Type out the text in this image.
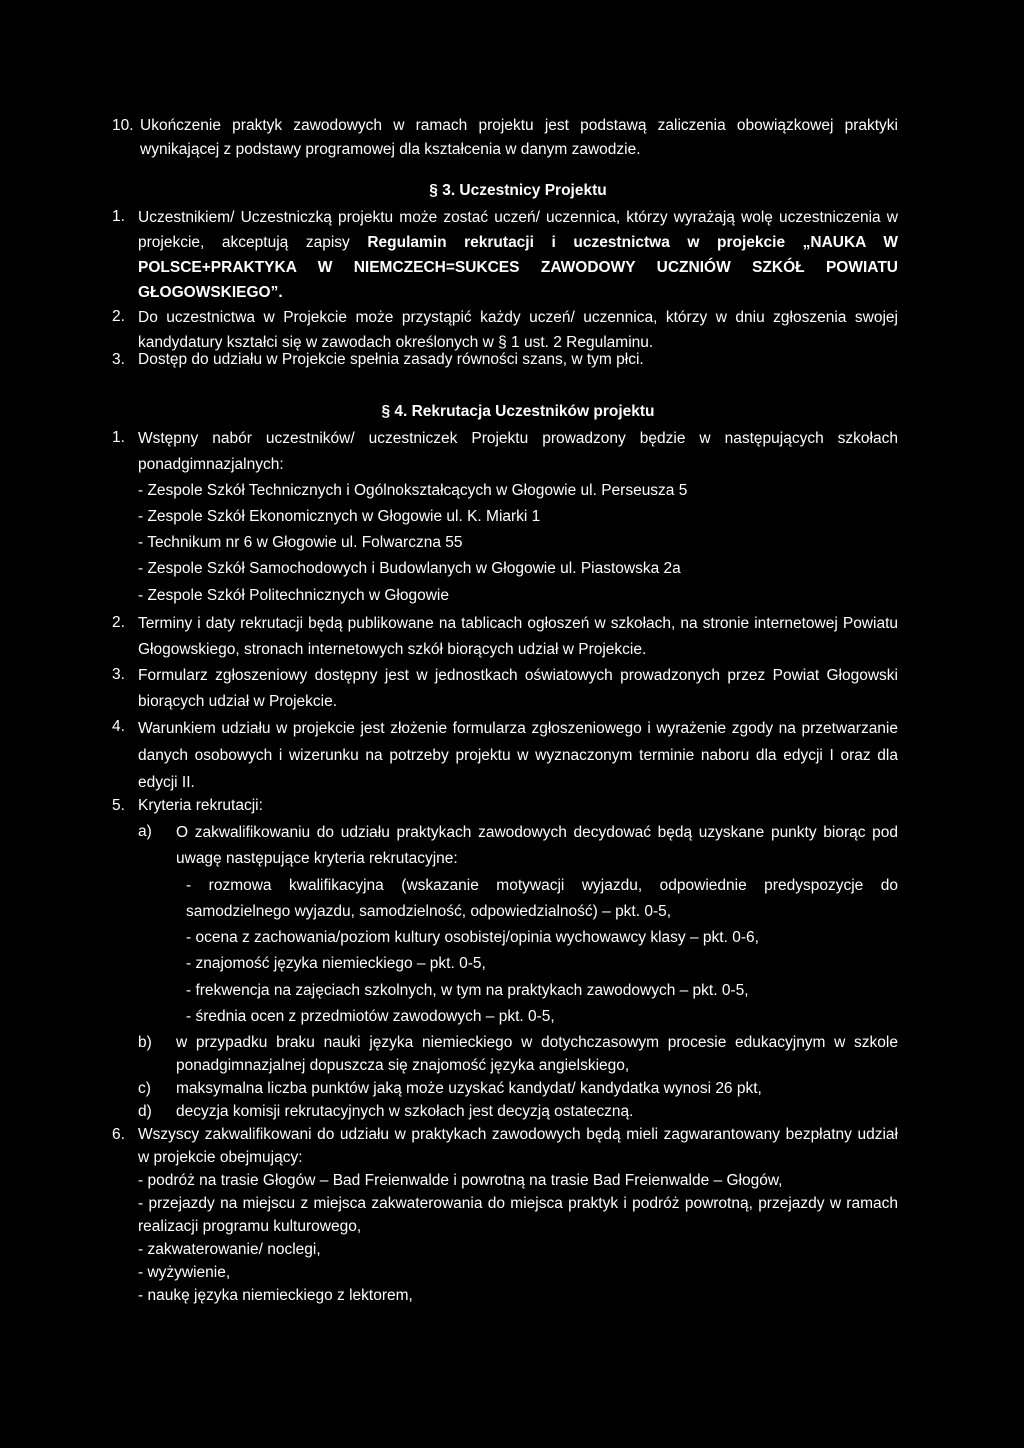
10. Ukończenie praktyk zawodowych w ramach projektu jest podstawą zaliczenia obowiązkowej praktyki wynikającej z podstawy programowej dla kształcenia w danym zawodzie.
§ 3. Uczestnicy Projektu
1. Uczestnikiem/ Uczestniczką projektu może zostać uczeń/ uczennica, którzy wyrażają wolę uczestniczenia w projekcie, akceptują zapisy Regulamin rekrutacji i uczestnictwa w projekcie „NAUKA W POLSCE+PRAKTYKA W NIEMCZECH=SUKCES ZAWODOWY UCZNIÓW SZKÓŁ POWIATU GŁOGOWSKIEGO”.
2. Do uczestnictwa w Projekcie może przystąpić każdy uczeń/ uczennica, którzy w dniu zgłoszenia swojej kandydatury kształci się w zawodach określonych w § 1 ust. 2 Regulaminu.
3. Dostęp do udziału w Projekcie spełnia zasady równości szans, w tym płci.
§ 4. Rekrutacja Uczestników projektu
1. Wstępny nabór uczestników/ uczestniczek Projektu prowadzony będzie w następujących szkołach ponadgimnazjalnych:
- Zespole Szkół Technicznych i Ogólnokształcących w Głogowie ul. Perseusza 5
- Zespole Szkół Ekonomicznych w Głogowie ul. K. Miarki 1
- Technikum nr 6 w Głogowie ul. Folwarczna 55
- Zespole Szkół Samochodowych i Budowlanych w Głogowie ul. Piastowska 2a
- Zespole Szkół Politechnicznych w Głogowie
2. Terminy i daty rekrutacji będą publikowane na tablicach ogłoszeń w szkołach, na stronie internetowej Powiatu Głogowskiego, stronach internetowych szkół biorących udział w Projekcie.
3. Formularz zgłoszeniowy dostępny jest w jednostkach oświatowych prowadzonych przez Powiat Głogowski biorących udział w Projekcie.
4. Warunkiem udziału w projekcie jest złożenie formularza zgłoszeniowego i wyrażenie zgody na przetwarzanie danych osobowych i wizerunku na potrzeby projektu w wyznaczonym terminie naboru dla edycji I oraz dla edycji II.
5. Kryteria rekrutacji:
a)	O zakwalifikowaniu do udziału praktykach zawodowych decydować będą uzyskane punkty biorąc pod uwagę następujące kryteria rekrutacyjne:
- rozmowa kwalifikacyjna (wskazanie motywacji wyjazdu, odpowiednie predyspozycje do samodzielnego wyjazdu, samodzielność, odpowiedzialność) – pkt. 0-5,
- ocena z zachowania/poziom kultury osobistej/opinia wychowawcy klasy – pkt. 0-6,
- znajomość języka niemieckiego – pkt. 0-5,
- frekwencja na zajęciach szkolnych, w tym na praktykach zawodowych – pkt. 0-5,
- średnia ocen z przedmiotów zawodowych – pkt. 0-5,
b)	w przypadku braku nauki języka niemieckiego w dotychczasowym procesie edukacyjnym w szkole ponadgimnazjalnej dopuszcza się znajomość języka angielskiego,
c)	maksymalna liczba punktów jaką może uzyskać kandydat/ kandydatka wynosi 26 pkt,
d)	decyzja komisji rekrutacyjnych w szkołach jest decyzją ostateczną.
6. Wszyscy zakwalifikowani do udziału w praktykach zawodowych będą mieli zagwarantowany bezpłatny udział w projekcie obejmujący:
- podróż na trasie Głogów – Bad Freienwalde i powrotną na trasie Bad Freienwalde – Głogów,
- przejazdy na miejscu z miejsca zakwaterowania do miejsca praktyk i podróż powrotną, przejazdy w ramach realizacji programu kulturowego,
- zakwaterowanie/ noclegi,
- wyżywienie,
- naukę języka niemieckiego z lektorem,
